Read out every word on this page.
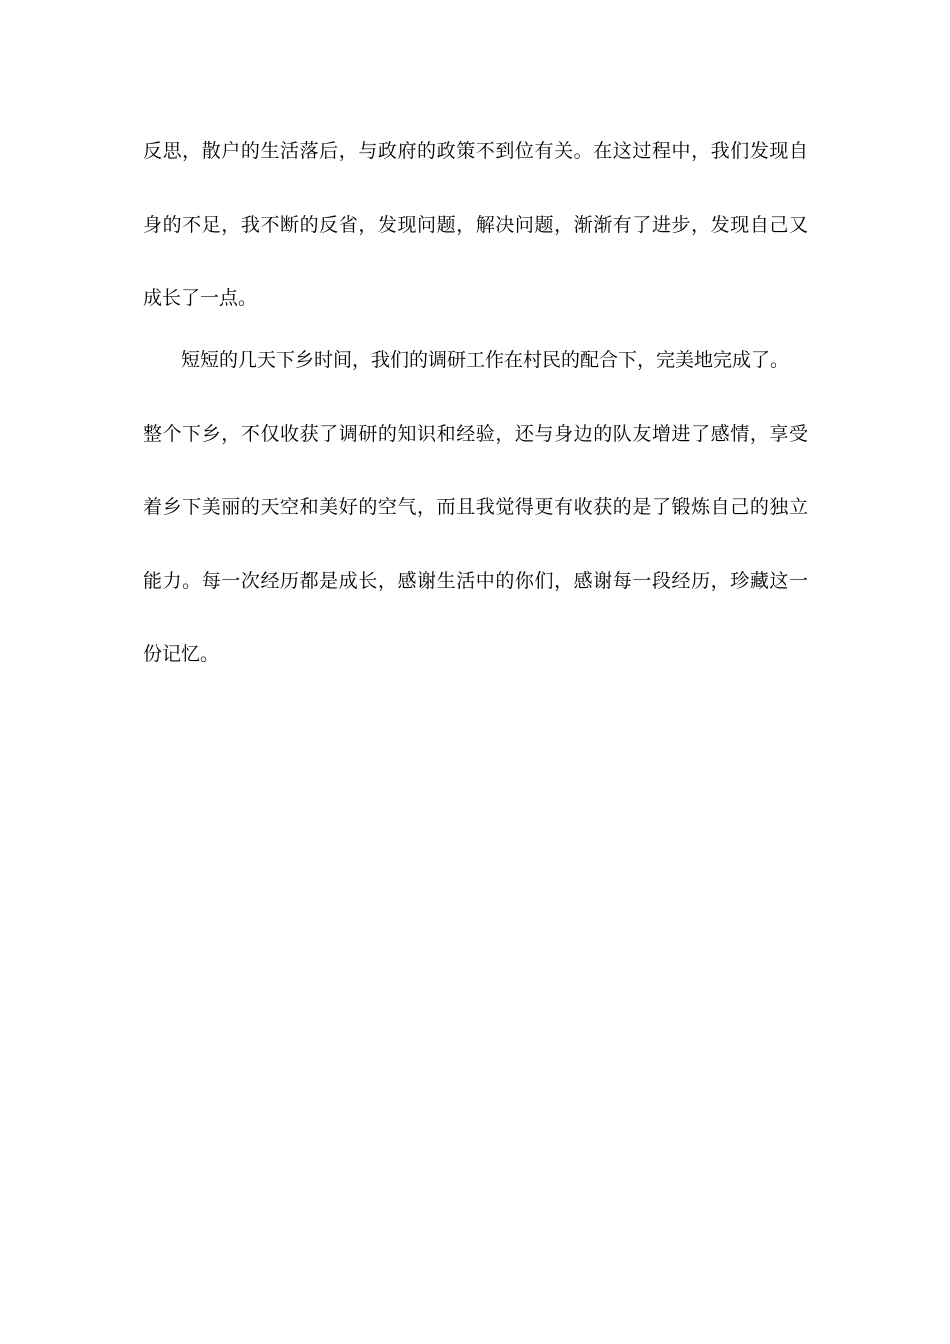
反思，散户的生活落后，与政府的政策不到位有关。在这过程中，我们发现自
身的不足，我不断的反省，发现问题，解决问题，渐渐有了进步，发现自己又
成长了一点。
短短的几天下乡时间，我们的调研工作在村民的配合下，完美地完成了。
整个下乡，不仅收获了调研的知识和经验，还与身边的队友增进了感情，享受
着乡下美丽的天空和美好的空气，而且我觉得更有收获的是了锻炼自己的独立
能力。每一次经历都是成长，感谢生活中的你们，感谢每一段经历，珍藏这一
份记忆。
